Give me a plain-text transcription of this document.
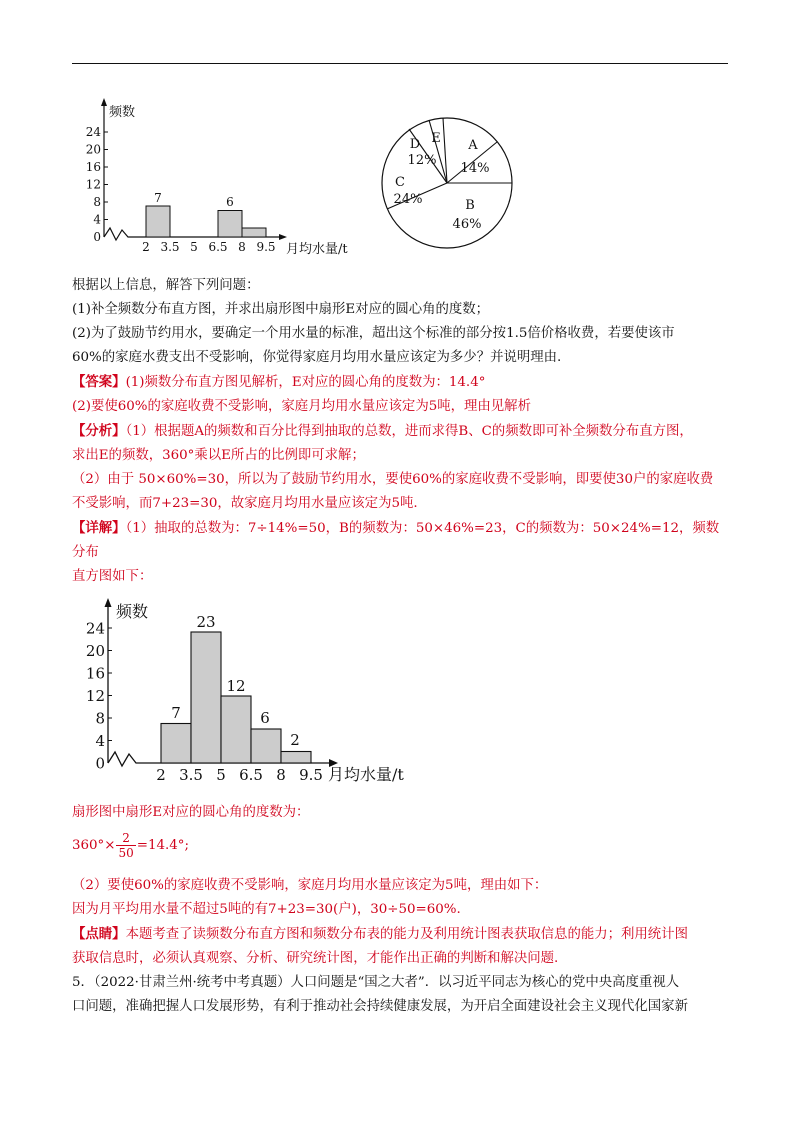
频数
月均水量/t
24
20
16
12
8
4
0
2 3.5 5 6.5 8 9.5
7	6
A
14%
B
46%
C
24%
D
12%
E
根据以上信息，解答下列问题：
(1)补全频数分布直方图，并求出扇形图中扇形E对应的圆心角的度数；
(2)为了鼓励节约用水，要确定一个用水量的标准，超出这个标准的部分按1.5倍价格收费，若要使该市
60%的家庭水费支出不受影响，你觉得家庭月均用水量应该定为多少？并说明理由.
【答案】(1)频数分布直方图见解析，E对应的圆心角的度数为：14.4°
(2)要使60%的家庭收费不受影响，家庭月均用水量应该定为5吨，理由见解析
【分析】（1）根据题A的频数和百分比得到抽取的总数，进而求得B、C的频数即可补全频数分布直方图，
求出E的频数，360°乘以E所占的比例即可求解；
（2）由于 50×60%=30，所以为了鼓励节约用水，要使60%的家庭收费不受影响，即要使30户的家庭收费
不受影响，而7+23=30，故家庭月均用水量应该定为5吨.
【详解】（1）抽取的总数为：7÷14%=50，B的频数为：50×46%=23，C的频数为：50×24%=12，频数分布
直方图如下：
频数
月均水量/t
24
20
16
12
8
4
0
2 3.5 5 6.5 8 9.5
7
23
12
6
2
扇形图中扇形E对应的圆心角的度数为：
$360^\circ\times \frac{2}{50} =14.4^\circ$;
（2）要使60%的家庭收费不受影响，家庭月均用水量应该定为5吨，理由如下：
因为月平均用水量不超过5吨的有7+23=30(户)，30÷50=60%.
【点睛】本题考查了读频数分布直方图和频数分布表的能力及利用统计图表获取信息的能力；利用统计图
获取信息时，必须认真观察、分析、研究统计图，才能作出正确的判断和解决问题.
5．（2022·甘肃兰州·统考中考真题）人口问题是“国之大者”．以习近平同志为核心的党中央高度重视人
口问题，准确把握人口发展形势，有利于推动社会持续健康发展，为开启全面建设社会主义现代化国家新
